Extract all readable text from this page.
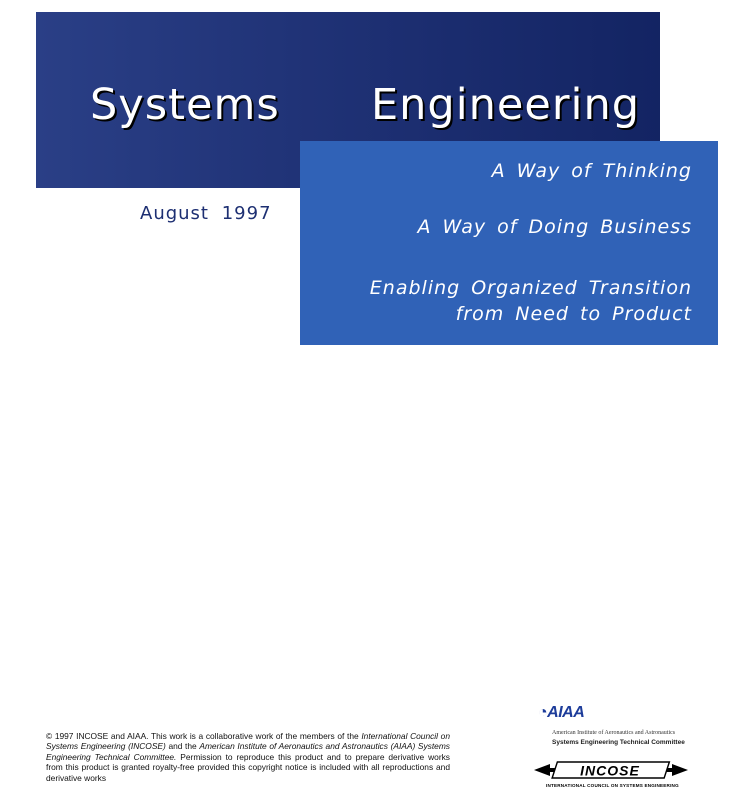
Systems Engineering
A Way of Thinking
A Way of Doing Business
Enabling Organized Transition
from Need to Product
August 1997
© 1997 INCOSE and AIAA. This work is a collaborative work of the members of the International Council on Systems Engineering (INCOSE) and the American Institute of Aeronautics and Astronautics (AIAA) Systems Engineering Technical Committee. Permission to reproduce this product and to prepare derivative works from this product is granted royalty-free provided this copyright notice is included with all reproductions and derivative works
◔AIAA
American Institute of Aeronautics and Astronautics
Systems Engineering Technical Committee
INCOSE
INTERNATIONAL COUNCIL ON SYSTEMS ENGINEERING
